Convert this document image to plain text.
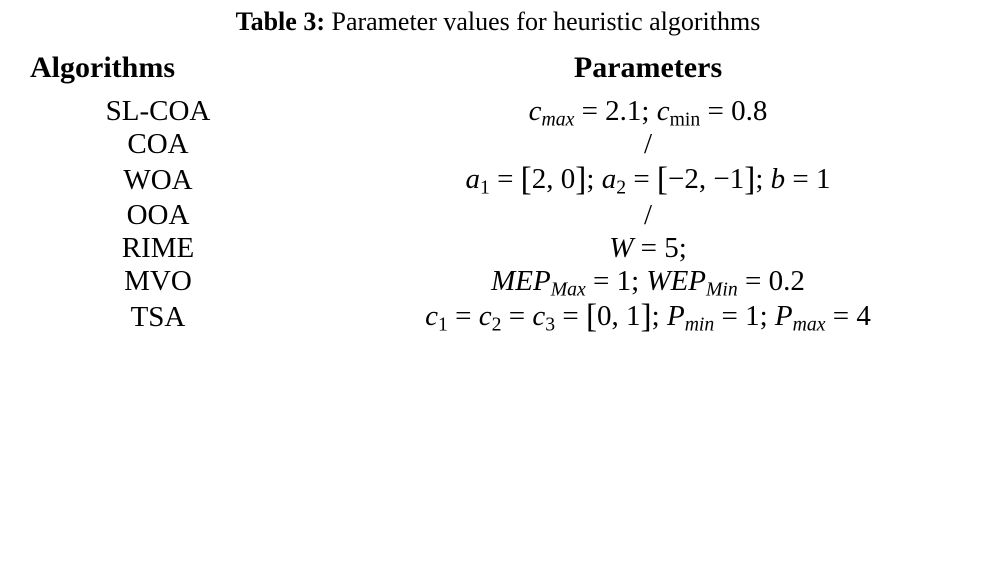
Table 3: Parameter values for heuristic algorithms

Algorithms	Parameters

SL-COA	$c_{max} = 2.1$; $c_{min} = 0.8$
COA	/
WOA	$a_1 = [2$, 0]; $a_2 = [-2$, −1]; b = 1
OOA	/
RIME	W = 5;
MVO	$MEP_{Max} = 1$; $WEP_{Min} = 0.2$
TSA	$c_1 = c_2 = c_3 = [0$, 1]; $P_{min} = 1$; $P_{max} = 4$
